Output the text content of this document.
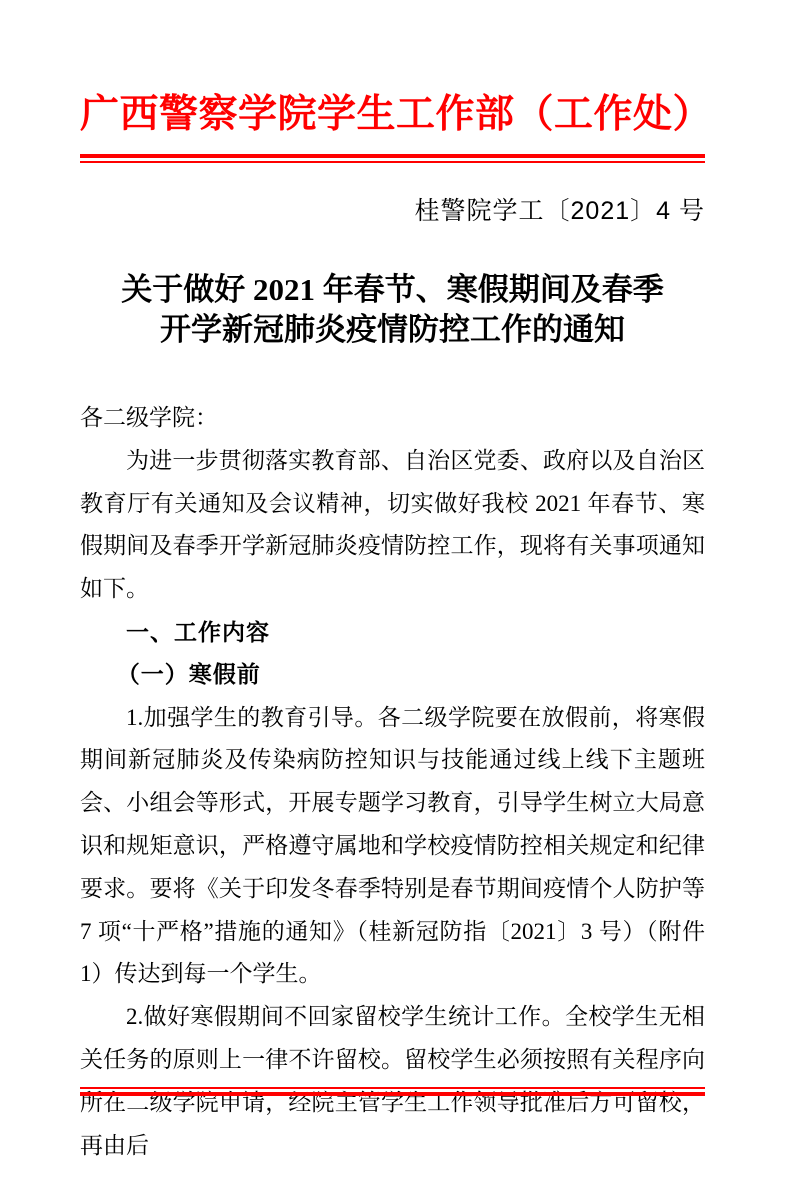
广西警察学院学生工作部（工作处）
桂警院学工〔2021〕4 号
关于做好 2021 年春节、寒假期间及春季
开学新冠肺炎疫情防控工作的通知

各二级学院：

为进一步贯彻落实教育部、自治区党委、政府以及自治区教育厅有关通知及会议精神，切实做好我校 2021 年春节、寒假期间及春季开学新冠肺炎疫情防控工作，现将有关事项通知如下。

一、工作内容

（一）寒假前

1.加强学生的教育引导。各二级学院要在放假前，将寒假期间新冠肺炎及传染病防控知识与技能通过线上线下主题班会、小组会等形式，开展专题学习教育，引导学生树立大局意识和规矩意识，严格遵守属地和学校疫情防控相关规定和纪律要求。要将《关于印发冬春季特别是春节期间疫情个人防护等 7 项“十严格”措施的通知》（桂新冠防指〔2021〕3 号）（附件 1）传达到每一个学生。

2.做好寒假期间不回家留校学生统计工作。全校学生无相关任务的原则上一律不许留校。留校学生必须按照有关程序向所在二级学院申请，经院主管学生工作领导批准后方可留校，再由后
